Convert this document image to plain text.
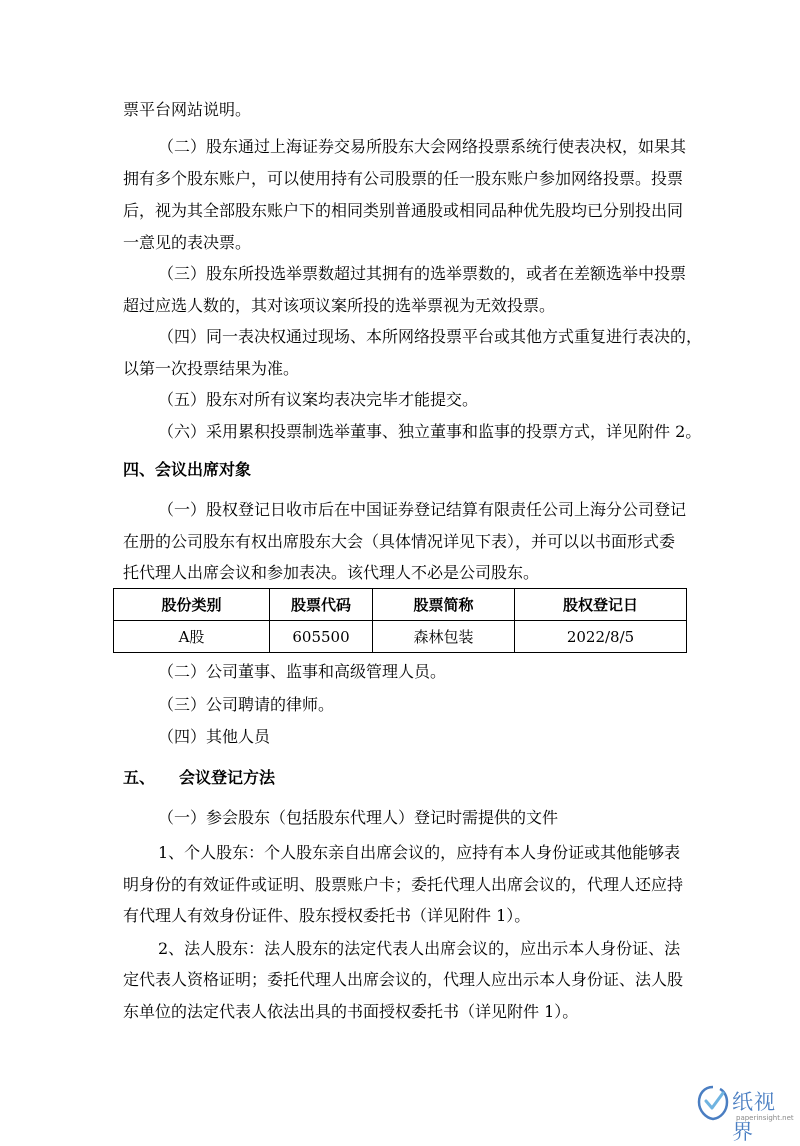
票平台网站说明。
（二）股东通过上海证券交易所股东大会网络投票系统行使表决权，如果其
拥有多个股东账户，可以使用持有公司股票的任一股东账户参加网络投票。投票
后，视为其全部股东账户下的相同类别普通股或相同品种优先股均已分别投出同
一意见的表决票。
（三）股东所投选举票数超过其拥有的选举票数的，或者在差额选举中投票
超过应选人数的，其对该项议案所投的选举票视为无效投票。
（四）同一表决权通过现场、本所网络投票平台或其他方式重复进行表决的，
以第一次投票结果为准。
（五）股东对所有议案均表决完毕才能提交。
（六）采用累积投票制选举董事、独立董事和监事的投票方式，详见附件 2。
四、会议出席对象
（一）股权登记日收市后在中国证券登记结算有限责任公司上海分公司登记
在册的公司股东有权出席股东大会（具体情况详见下表），并可以以书面形式委
托代理人出席会议和参加表决。该代理人不必是公司股东。
股份类别	股票代码	股票简称	股权登记日
A股	605500	森林包装	2022/8/5
（二）公司董事、监事和高级管理人员。
（三）公司聘请的律师。
（四）其他人员
五、　　会议登记方法
（一）参会股东（包括股东代理人）登记时需提供的文件
1、个人股东：个人股东亲自出席会议的，应持有本人身份证或其他能够表
明身份的有效证件或证明、股票账户卡；委托代理人出席会议的，代理人还应持
有代理人有效身份证件、股东授权委托书（详见附件 1）。
2、法人股东：法人股东的法定代表人出席会议的，应出示本人身份证、法
定代表人资格证明；委托代理人出席会议的，代理人应出示本人身份证、法人股
东单位的法定代表人依法出具的书面授权委托书（详见附件 1）。
纸视界
paperinsight.net
